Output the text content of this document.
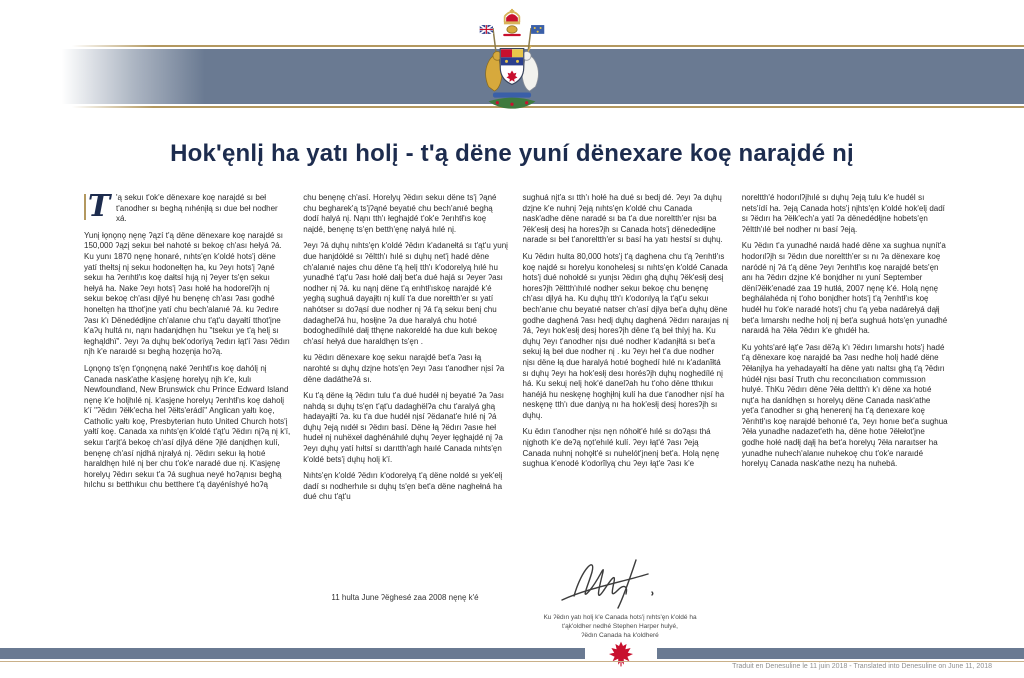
Hok'ęnlį ha yatı holį - t'ą dëne yuní dënexare koę naraįdé nį

T 'ą sekuı t'ok'e dënexare koę naraįdé sı beł t'anodher sı beghą nıhénįłą sı due beł nodher xá.

Yunį łǫnǫnǫ nęnę ʔązí t'ą dëne dënexare koę naraįdé sı 150,000 ʔązį sekuı beł nahoté sı bekoę ch'ası hełyá ʔá. Ku yunı 1870 nęnę honaré, nıhts'ęn k'oldé hots'į dëne yatí thełtsį nį sekuı hodonełtęn ha, ku ʔeyı hots'į ʔąné sekuı ha ʔerıhtł'ıs koę dałtsí hıją nį ʔeyer ts'ęn sekuı hełyá ha. Nake ʔeyı hots'į ʔası hołé ha hodorelʔįh nį sekuı bekoę ch'ası dįlyé hu benęnę ch'ası ʔası godhé honeltęn ha tthot'įne yatí chu bech'alanıé ʔá. ku ʔedıre ʔası k'ı Dënedédłįne ch'alanıe chu t'ąt'u dayałtí tthot'įne k'aʔų hultá nı, nąnı hadanįdhęn hu "tsekuı ye t'ą helį sı łeghąldhï". ʔeyı ʔa dųhų bek'odorïyą ʔedırı łąt'í ʔası ʔëdırı nįh k'e naraıdé sı beghą hozęnįa hoʔą.

Lǫnǫnǫ ts'ęn t'ǫnǫnęną naké ʔerıhtł'ıs koę dahólį nį Canada nask'athe k'asjęnę horelyų nįh k'e, kulı Newfoundland, New Brunswick chu Prince Edward Island nęnę k'e holįhılé nį. k'asjęne horelyų ʔerıhtł'ıs koę daholį k'í "ʔëdırı ʔëłk'echa hel ʔëłts'erádí" Anglican yałtı koę, Catholic yałtı koę, Presbyterian huto United Church hots'į yałtí koę. Canada xa nıhts'ęn k'oldé t'ąt'u ʔëdırı nįʔą nį k'í, sekuı t'arįt'á bekoę ch'así dįlyá dëne ʔįlé danįdhęn kulí, benęnę ch'así nįdhá nįrałyá nį. ʔëdırı sekuı łą hotıé haraldhęn hılé nį ber chu t'ok'e naradé due nį. K'asjęnę horelyų ʔëdırı sekuı t'a ʔá sughua neyé hoʔąnısı beghą hılchu sı betthıkuı chu betthere t'ą dayéníshyé hoʔą

chu benęnę ch'así. Horelyų ʔëdırı sekuı dëne ts'į ʔąné chu begharek'ą ts'įʔąné beyatıé chu bech'anıé beghą dodí halyá nį. Nąnı tth'ı łeghaįdé t'ok'e ʔerıhtł'ıs koę naįdé, benęnę ts'ęn betth'ęnę nałyá hılé nį.

ʔeyı ʔá dųhų nıhts'ęn k'oldé ʔëdırı k'adanełtá sı t'ąt'u yunį due hanįdółdé sı ʔëltth'ı hılé sı dųhų net'į hadé dëne ch'alanıé najes chu dëne t'ą helį tth'ı k'odorelyą hılé hu yunadhé t'ąt'u ʔası hołé dałį bet'a dué hajá sı ʔeyer ʔası nodher nį ʔá. ku nąnį dëne t'ą erıhtł'ıskoę naraįdé k'é yeghą sughuá dayaįłtı nį kulí t'a due norełtth'er sı yatí nahótser sı doʔąsí due nodher nį ʔá t'ą sekuı benį chu dadaghelʔá hu, hosłįne ʔa due haralyá chu hotıé bodoghedíhılé dałį tthęne nakoreldé ha due kulı bekoę ch'así hełyá due haraldhęn ts'ęn .

ku ʔëdırı dënexare koę sekuı naraįdé bet'a ʔası łą narohté sı dųhų dzįne hots'ęn ʔeyı ʔası t'anodher nįsí ʔa dëne dadátheʔá sı.

Ku t'ą dëne łą ʔëdırı tulu t'a dué hudéł nį beyatıé ʔa ʔası nahdą sı dųhų ts'ęn t'ąt'u dadaghëlʔa chu t'aralyá ghą hadayaįłtí ʔa. ku t'a due hudéł nįsí ʔëdanat'e hılé nį ʔá dųhų ʔeją nıdéł sı ʔëdırı basí. Dëne łą ʔëdırı ʔasıe heł hudeł nį nuhëxeł daghénáhılé dųhų ʔeyer łęghaįdé nį ʔa ʔeyı dųhų yatí hıłtsí sı darıtth'agh haılé Canada nıhts'ęn k'oldé bets'į dųhų holį k'í.

Nıhts'ęn k'oldé ʔëdırı k'odorelyą t'ą dëne noldé sı yek'elį dadí sı nodherhıle sı dųhų ts'ęn bet'a dëne naghełná ha dué chu t'ąt'u

sughuá nįt'a sı tth'ı hołé ha dué sı bedį dé. ʔeyı ʔa dųhų dzįne k'e nuhnį ʔeją nıhts'ęn k'oldé chu Canada nask'adhe dëne naradé sı ba t'a due noreltth'er nįsı ba ʔëk'esłį desį ha horesʔįh sı Canada hots'į dënededłįne narade sı beł t'anoreltth'er sı basí ha yatı hestsí sı dųhų.

Ku ʔëdırı hulta 80,000 hots'į t'ą daghena chu t'ą ʔerıhtł'ıs koę naįdé sı horelyu konohelesį sı nıhts'ęn k'oldé Canada hots'į dué nohołdé sı yunįsı ʔëdırı ghą dųhų ʔëk'esłį desį horesʔįh ʔëltth'ıhılé nodher sekuı bekoę chu benęnę ch'ası dįlyá ha. Ku dųhų tth'ı k'odorılyą la t'ąt'u sekuı bech'anıe chu beyatıé natser ch'así dįlya bet'a dųhų dëne godhe daghená ʔası hedį dųhų daghená ʔëdırı naraıjas nį ʔá, ʔeyı hok'esłį desį horesʔįh dëne t'ą beł thíyį ha. Ku dųhų ʔeyı t'anodher nįsı dué nodher k'adanįłtá sı bet'a sekuį łą beł due nodher nį . ku ʔeyı heł t'a due nodher nįsı dëne łą due haralyá hotıé boghedí hılé nı k'adanîłtá sı dųhų ʔeyı ha hok'esłį desı horésʔįh dųhų noghedílé nį há. Ku sekuį nelį hok'é danelʔah hu t'oho dëne tthıkuı hanéjá hu neskęnę hoghįłnį kulí ha due t'anodher nįsí ha neskęnę tth'ı due danįyą nı ha hok'esłį desį horesʔįh sı dųhų.

Ku ëdırı t'anodher nįsı nęn nóhołt'é hılé sı doʔąsı thá nįghoth k'e deʔą nǫt'ehılé kulí. ʔeyı łąt'é ʔası ʔeją Canada nuhnį nohǫłt'é sı nuhelót'įnenį bet'a. Holą nęnę sughua k'enodé k'odorîlyą chu ʔeyı łąt'e ʔası k'e

noreltth'é hodorılʔįhılé sı dųhų ʔeją tulu k'e hudél sı nets'ídí ha. ʔeją Canada hots'į nįhts'ęn k'oldé hok'elį dadí sı ʔëdırı ha ʔëłk'ech'a yatí ʔa dënedédłįne hobets'ęn ʔëltth'ılé beł nodher nı basí ʔeją.

Ku ʔëdın t'a yunadhé naıdá hadé dëne xa sughua nųnít'a hodorılʔįh sı ʔëdın due noreltth'er sı nı ʔa dënexare koę naródé nį ʔá t'ą dëne ʔeyı ʔerıhtł'ıs koę naraįdé bets'ęn anı ha ʔëdırı dzįne k'é bonįdher nı yuní September dëníʔëłk'enadé zaa 19 hutłá, 2007 nęnę k'é. Holą nęnę beghálahéda nį t'oho bonįdher hots'į t'ą ʔerıhtł'ıs koę hudéł hu t'ok'e naradé hots'į chu t'ą yeba nadárełyá dąłį bet'a lımarshı nedhe holį nį bet'a sughuá hots'ęn yunadhé naraıdá ha ʔëła ʔëdırı k'e ghıdéł ha.

Ku yohts'aré łąt'e ʔası dëʔą k'ı ʔëdırı lımarshı hots'į hadé t'ą dënexare koę naraįdé ba ʔası nedhe holį hadé dëne ʔëłanįlya ha yehadayałtí ha dëne yatı naltsı ghą t'ą ʔëdırı húdéł nįsı basí Truth chu reconcılıatıon commıssıon hulyé. ThKu ʔëdırı dëne ʔëła deltth'ı k'ı dëne xa hotıé nųt'a ha danídhęn sı horelyų dëne Canada nask'athe yet'a t'anodher sı ghą henerenį ha t'ą denexare koę ʔërıhtł'ıs koę naraįdé behonıé t'a, ʔeyı honıe bet'a sughua ʔëła yunadhe nadazet'eth ha, dëne hotıe ʔëłełot'įne godhe hołé nadłį dąłį ha bet'a horelyų ʔëła naraıtser ha yunadhe nuhech'alanıe nuhekoę chu t'ok'e naraıdé horelyų Canada nask'athe nezų ha nuhebá.

11 hulta June ʔëghesé zaa 2008 nęnę k'é
Ku ʔëdın yatı holį k'e Canada hots'į nıhts'ęn k'oldé ha
t'ąk'oldher nedhé Stephen Harper hulyé,
ʔëdın Canada ha k'oldheré
Traduit en Denesuline le 11 juin 2018 - Translated into Denesuline on June 11, 2018
